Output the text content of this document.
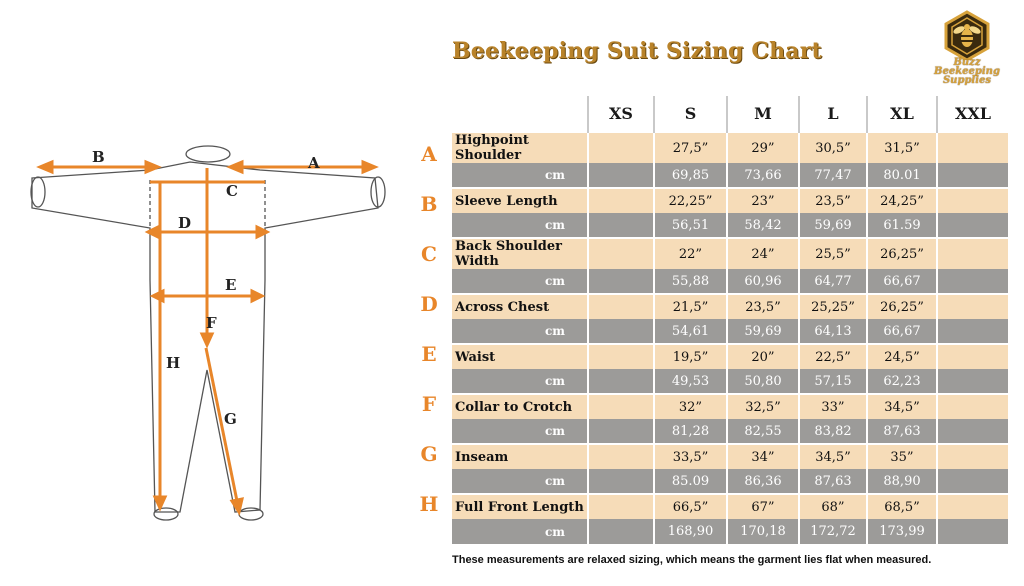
Beekeeping Suit Sizing Chart	Buzz Beekeeping
Supplies
B	A
C
D
E
F
G
H
A
B
C
D
E
F
G
H
	XS	S	M	L	XL	XXL
Highpoint Shoulder		27,5”	29”	30,5”	31,5”	
cm		69,85	73,66	77,47	80.01	
Sleeve Length		22,25”	23”	23,5”	24,25”	
cm		56,51	58,42	59,69	61.59	
Back Shoulder Width		22”	24”	25,5”	26,25”	
cm		55,88	60,96	64,77	66,67	
Across Chest		21,5”	23,5”	25,25”	26,25”	
cm		54,61	59,69	64,13	66,67	
Waist		19,5”	20”	22,5”	24,5”	
cm		49,53	50,80	57,15	62,23	
Collar to Crotch		32”	32,5”	33”	34,5”	
cm		81,28	82,55	83,82	87,63	
Inseam		33,5”	34”	34,5”	35”	
cm		85.09	86,36	87,63	88,90	
Full Front Length		66,5”	67”	68”	68,5”	
cm		168,90	170,18	172,72	173,99	
These measurements are relaxed sizing, which means the garment lies flat when measured.
